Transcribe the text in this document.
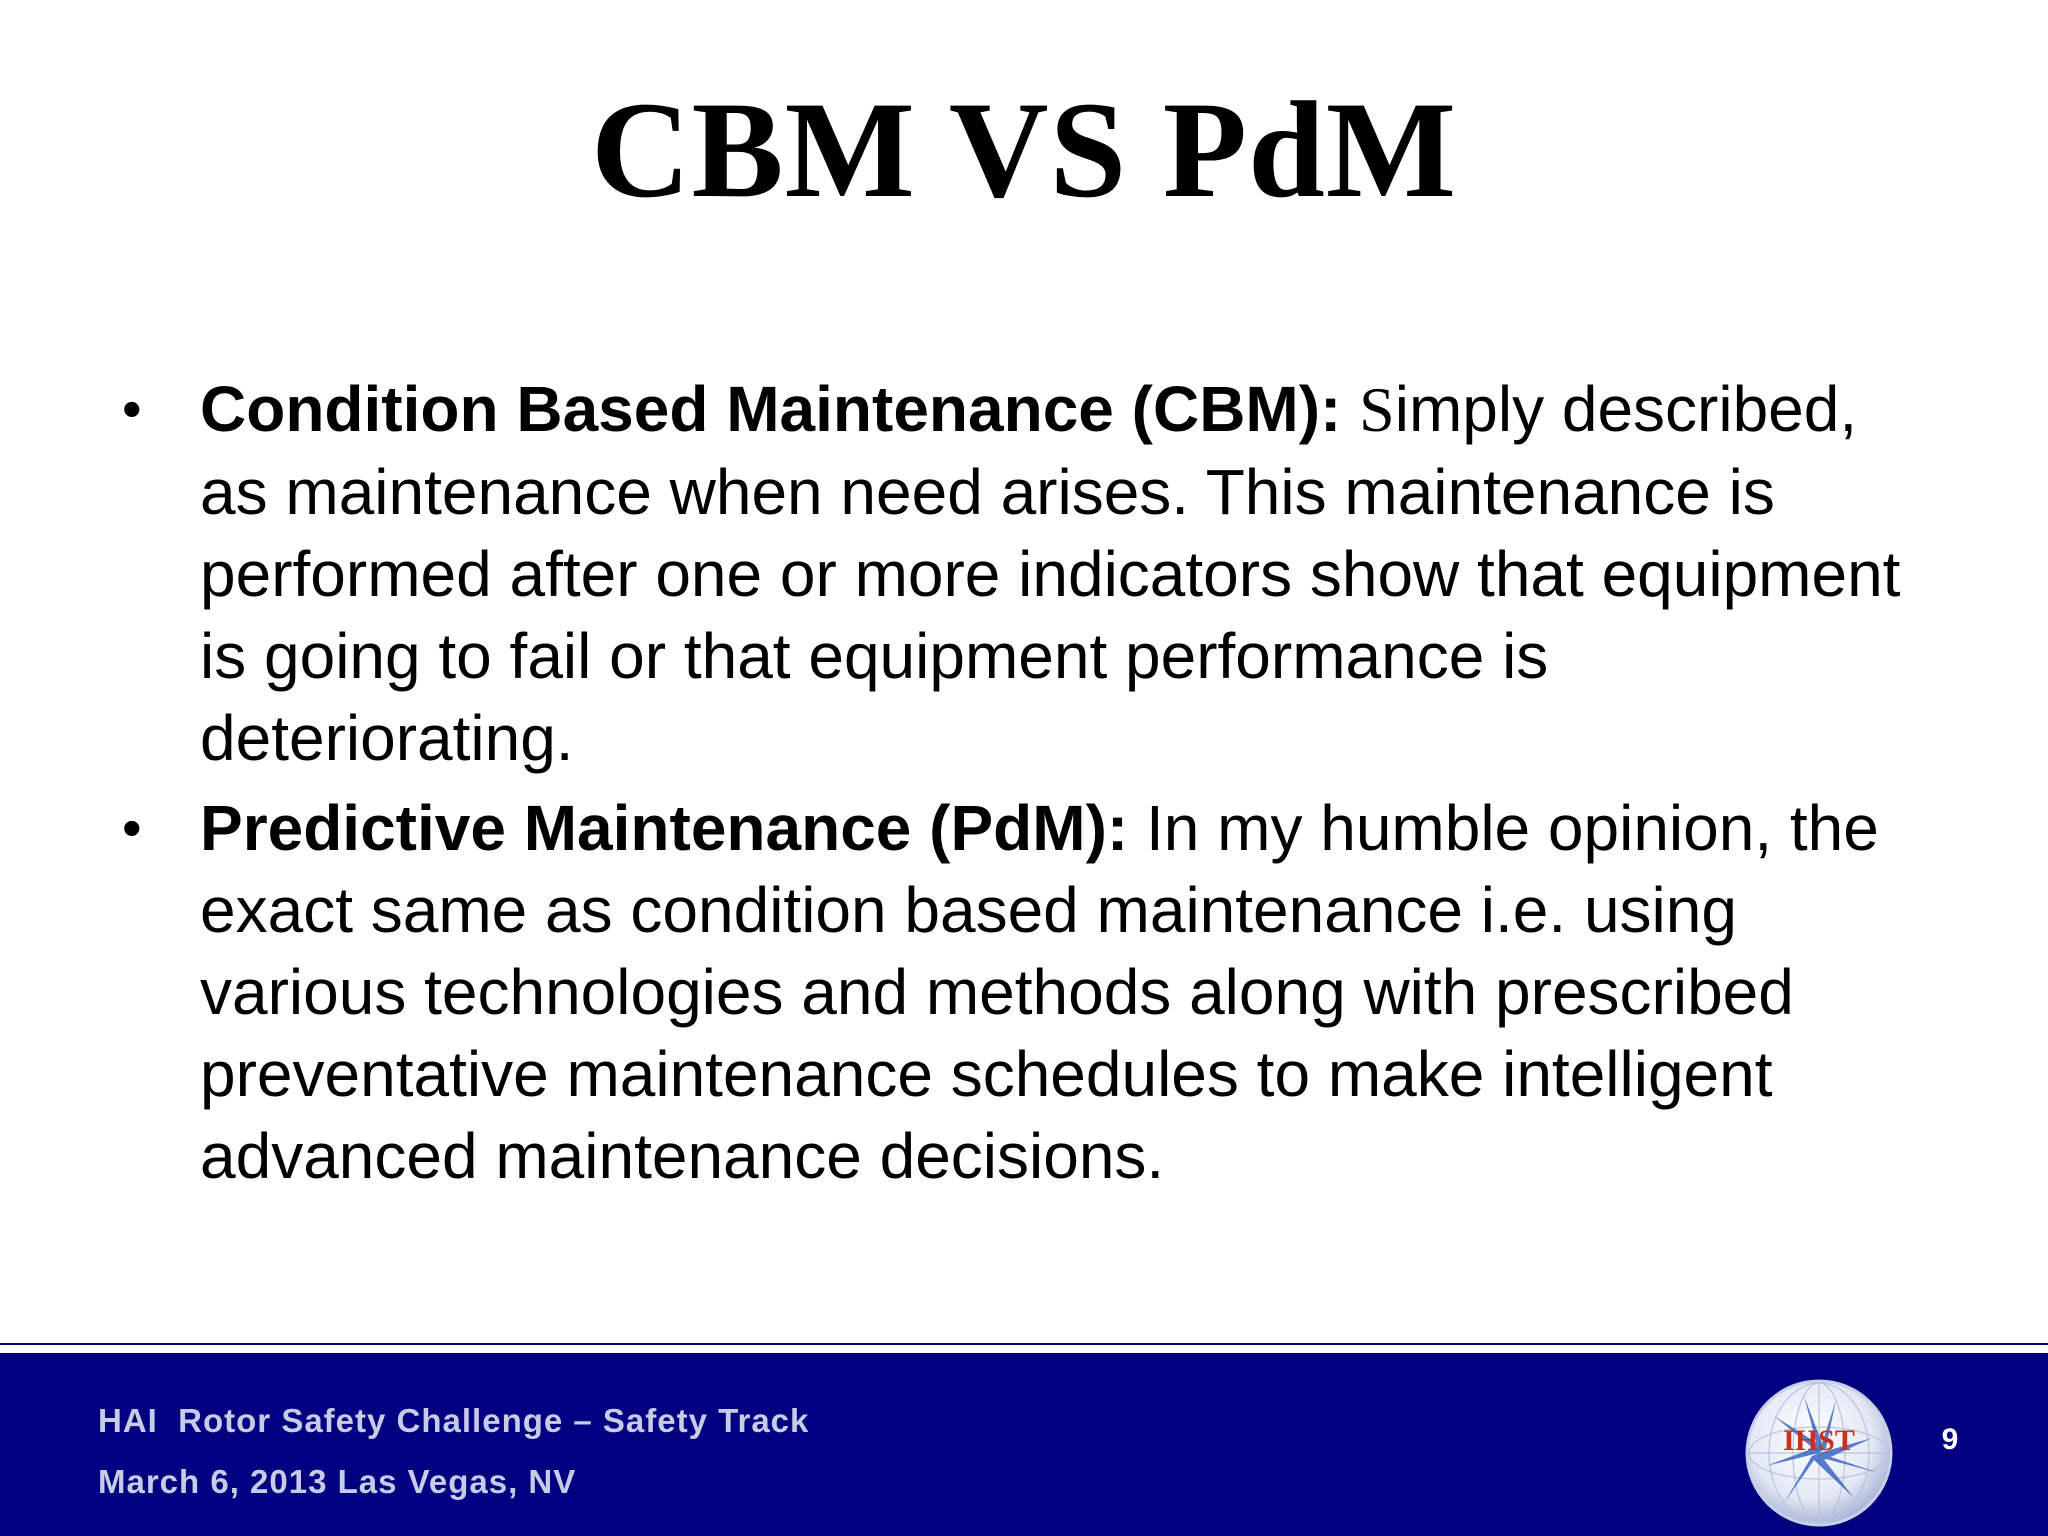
CBM VS PdM
• Condition Based Maintenance (CBM): Simply described, as maintenance when need arises. This maintenance is performed after one or more indicators show that equipment is going to fail or that equipment performance is deteriorating.
• Predictive Maintenance (PdM): In my humble opinion, the exact same as condition based maintenance i.e. using various technologies and methods along with prescribed preventative maintenance schedules to make intelligent advanced maintenance decisions.
HAI  Rotor Safety Challenge – Safety Track
March 6, 2013 Las Vegas, NV
IHST	9
